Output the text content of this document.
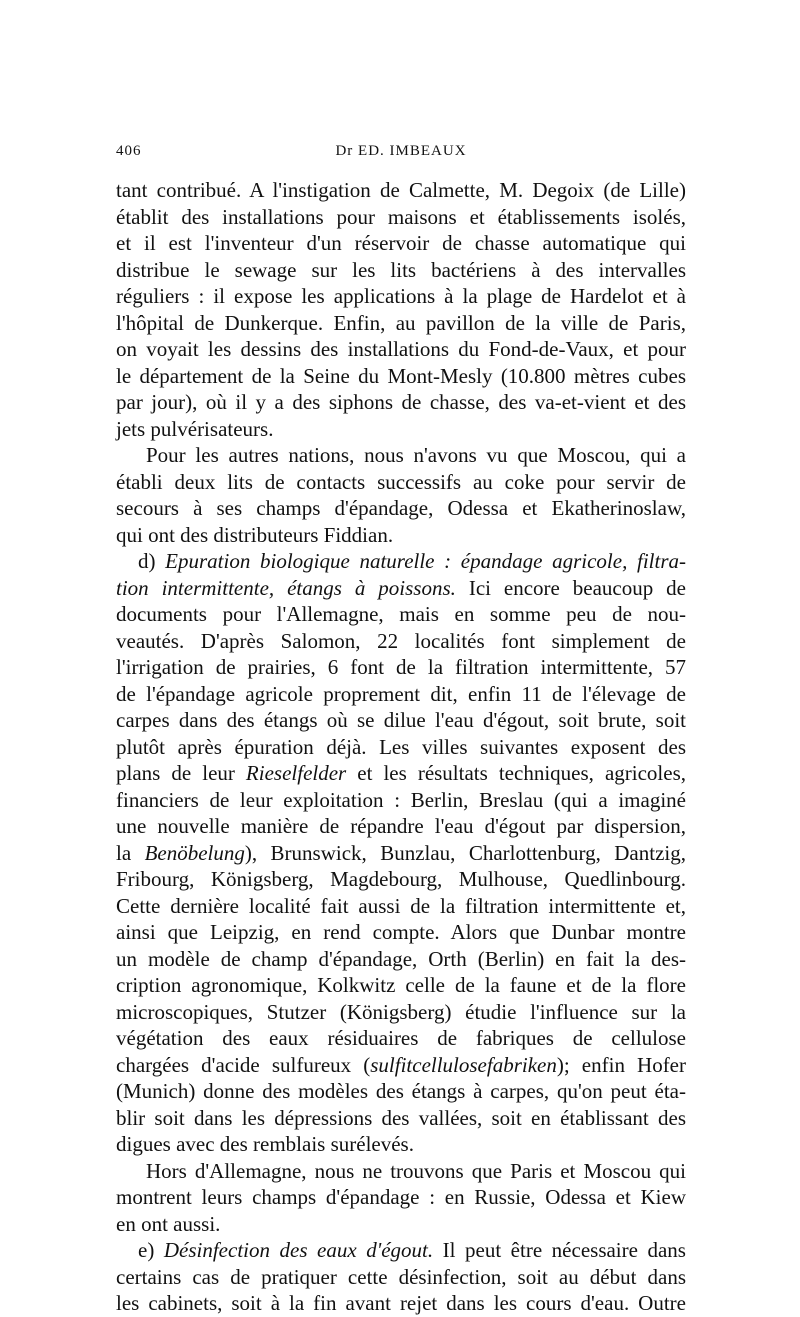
406	Dr ED. IMBEAUX

tant contribué. A l'instigation de Calmette, M. Degoix (de Lille)

établit des installations pour maisons et établissements isolés,

et il est l'inventeur d'un réservoir de chasse automatique qui

distribue le sewage sur les lits bactériens à des intervalles

réguliers : il expose les applications à la plage de Hardelot et à

l'hôpital de Dunkerque. Enfin, au pavillon de la ville de Paris,

on voyait les dessins des installations du Fond-de-Vaux, et pour

le département de la Seine du Mont-Mesly (10.800 mètres cubes

par jour), où il y a des siphons de chasse, des va-et-vient et des

jets pulvérisateurs.

Pour les autres nations, nous n'avons vu que Moscou, qui a

établi deux lits de contacts successifs au coke pour servir de

secours à ses champs d'épandage, Odessa et Ekatherinoslaw,

qui ont des distributeurs Fiddian.

d) Epuration biologique naturelle : épandage agricole, filtra-

tion intermittente, étangs à poissons. Ici encore beaucoup de

documents pour l'Allemagne, mais en somme peu de nou-

veautés. D'après Salomon, 22 localités font simplement de

l'irrigation de prairies, 6 font de la filtration intermittente, 57

de l'épandage agricole proprement dit, enfin 11 de l'élevage de

carpes dans des étangs où se dilue l'eau d'égout, soit brute, soit

plutôt après épuration déjà. Les villes suivantes exposent des

plans de leur Rieselfelder et les résultats techniques, agricoles,

financiers de leur exploitation : Berlin, Breslau (qui a imaginé

une nouvelle manière de répandre l'eau d'égout par dispersion,

la Benöbelung), Brunswick, Bunzlau, Charlottenburg, Dantzig,

Fribourg, Königsberg, Magdebourg, Mulhouse, Quedlinbourg.

Cette dernière localité fait aussi de la filtration intermittente et,

ainsi que Leipzig, en rend compte. Alors que Dunbar montre

un modèle de champ d'épandage, Orth (Berlin) en fait la des-

cription agronomique, Kolkwitz celle de la faune et de la flore

microscopiques, Stutzer (Königsberg) étudie l'influence sur la

végétation des eaux résiduaires de fabriques de cellulose

chargées d'acide sulfureux (sulfitcellulosefabriken); enfin Hofer

(Munich) donne des modèles des étangs à carpes, qu'on peut éta-

blir soit dans les dépressions des vallées, soit en établissant des

digues avec des remblais surélevés.

Hors d'Allemagne, nous ne trouvons que Paris et Moscou qui

montrent leurs champs d'épandage : en Russie, Odessa et Kiew

en ont aussi.

e) Désinfection des eaux d'égout. Il peut être nécessaire dans

certains cas de pratiquer cette désinfection, soit au début dans

les cabinets, soit à la fin avant rejet dans les cours d'eau. Outre
